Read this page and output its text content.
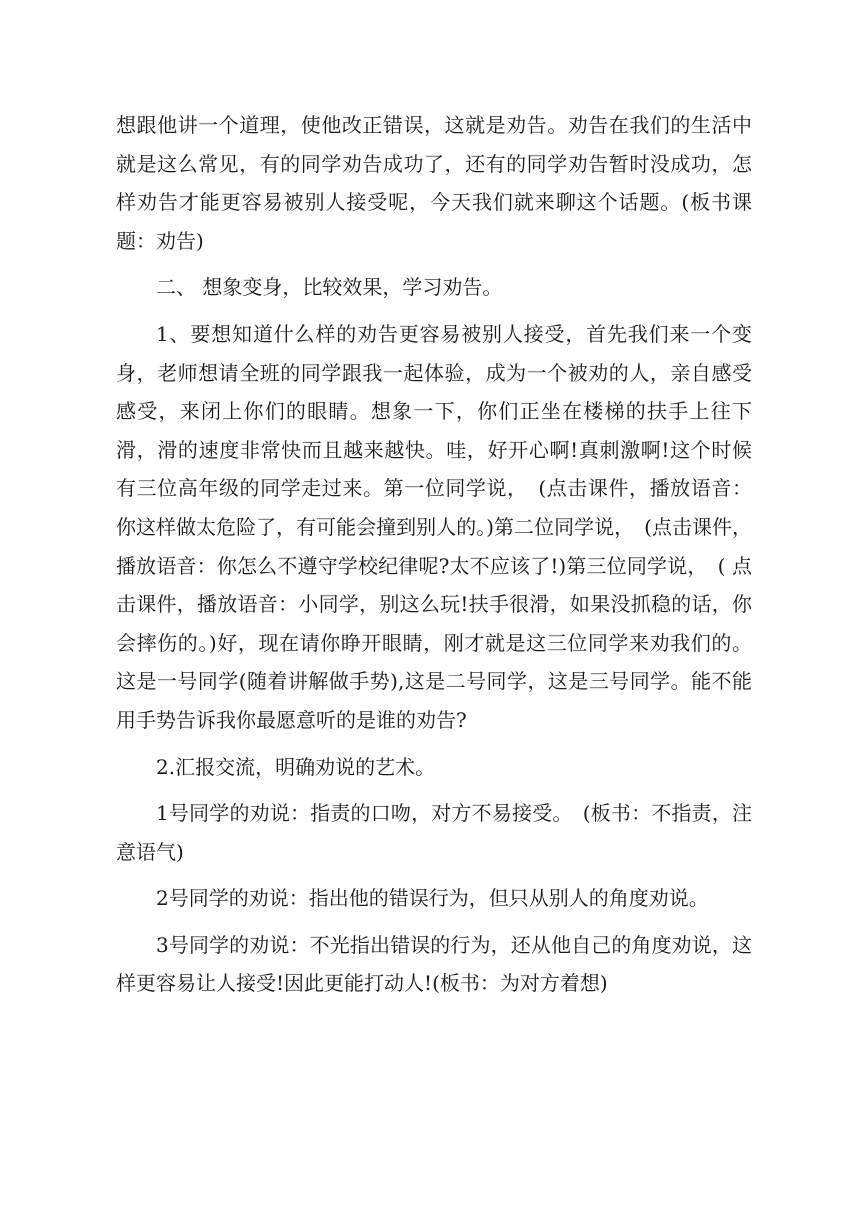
想跟他讲一个道理，使他改正错误，这就是劝告。劝告在我们的生活中就是这么常见，有的同学劝告成功了，还有的同学劝告暂时没成功，怎样劝告才能更容易被别人接受呢，今天我们就来聊这个话题。(板书课题：劝告)

二、 想象变身，比较效果，学习劝告。

1、要想知道什么样的劝告更容易被别人接受，首先我们来一个变身，老师想请全班的同学跟我一起体验，成为一个被劝的人，亲自感受感受，来闭上你们的眼睛。想象一下，你们正坐在楼梯的扶手上往下滑，滑的速度非常快而且越来越快。哇，好开心啊!真刺激啊!这个时候有三位高年级的同学走过来。第一位同学说，　(点击课件，播放语音：你这样做太危险了，有可能会撞到别人的。)第二位同学说，　(点击课件，播放语音：你怎么不遵守学校纪律呢?太不应该了!)第三位同学说，　( 点击课件，播放语音：小同学，别这么玩!扶手很滑，如果没抓稳的话，你会摔伤的。)好，现在请你睁开眼睛，刚才就是这三位同学来劝我们的。这是一号同学(随着讲解做手势),这是二号同学，这是三号同学。能不能用手势告诉我你最愿意听的是谁的劝告?

2.汇报交流，明确劝说的艺术。

1号同学的劝说：指责的口吻，对方不易接受。　(板书：不指责，注意语气)

2号同学的劝说：指出他的错误行为，但只从别人的角度劝说。

3号同学的劝说：不光指出错误的行为，还从他自己的角度劝说，这样更容易让人接受!因此更能打动人!(板书：为对方着想)
